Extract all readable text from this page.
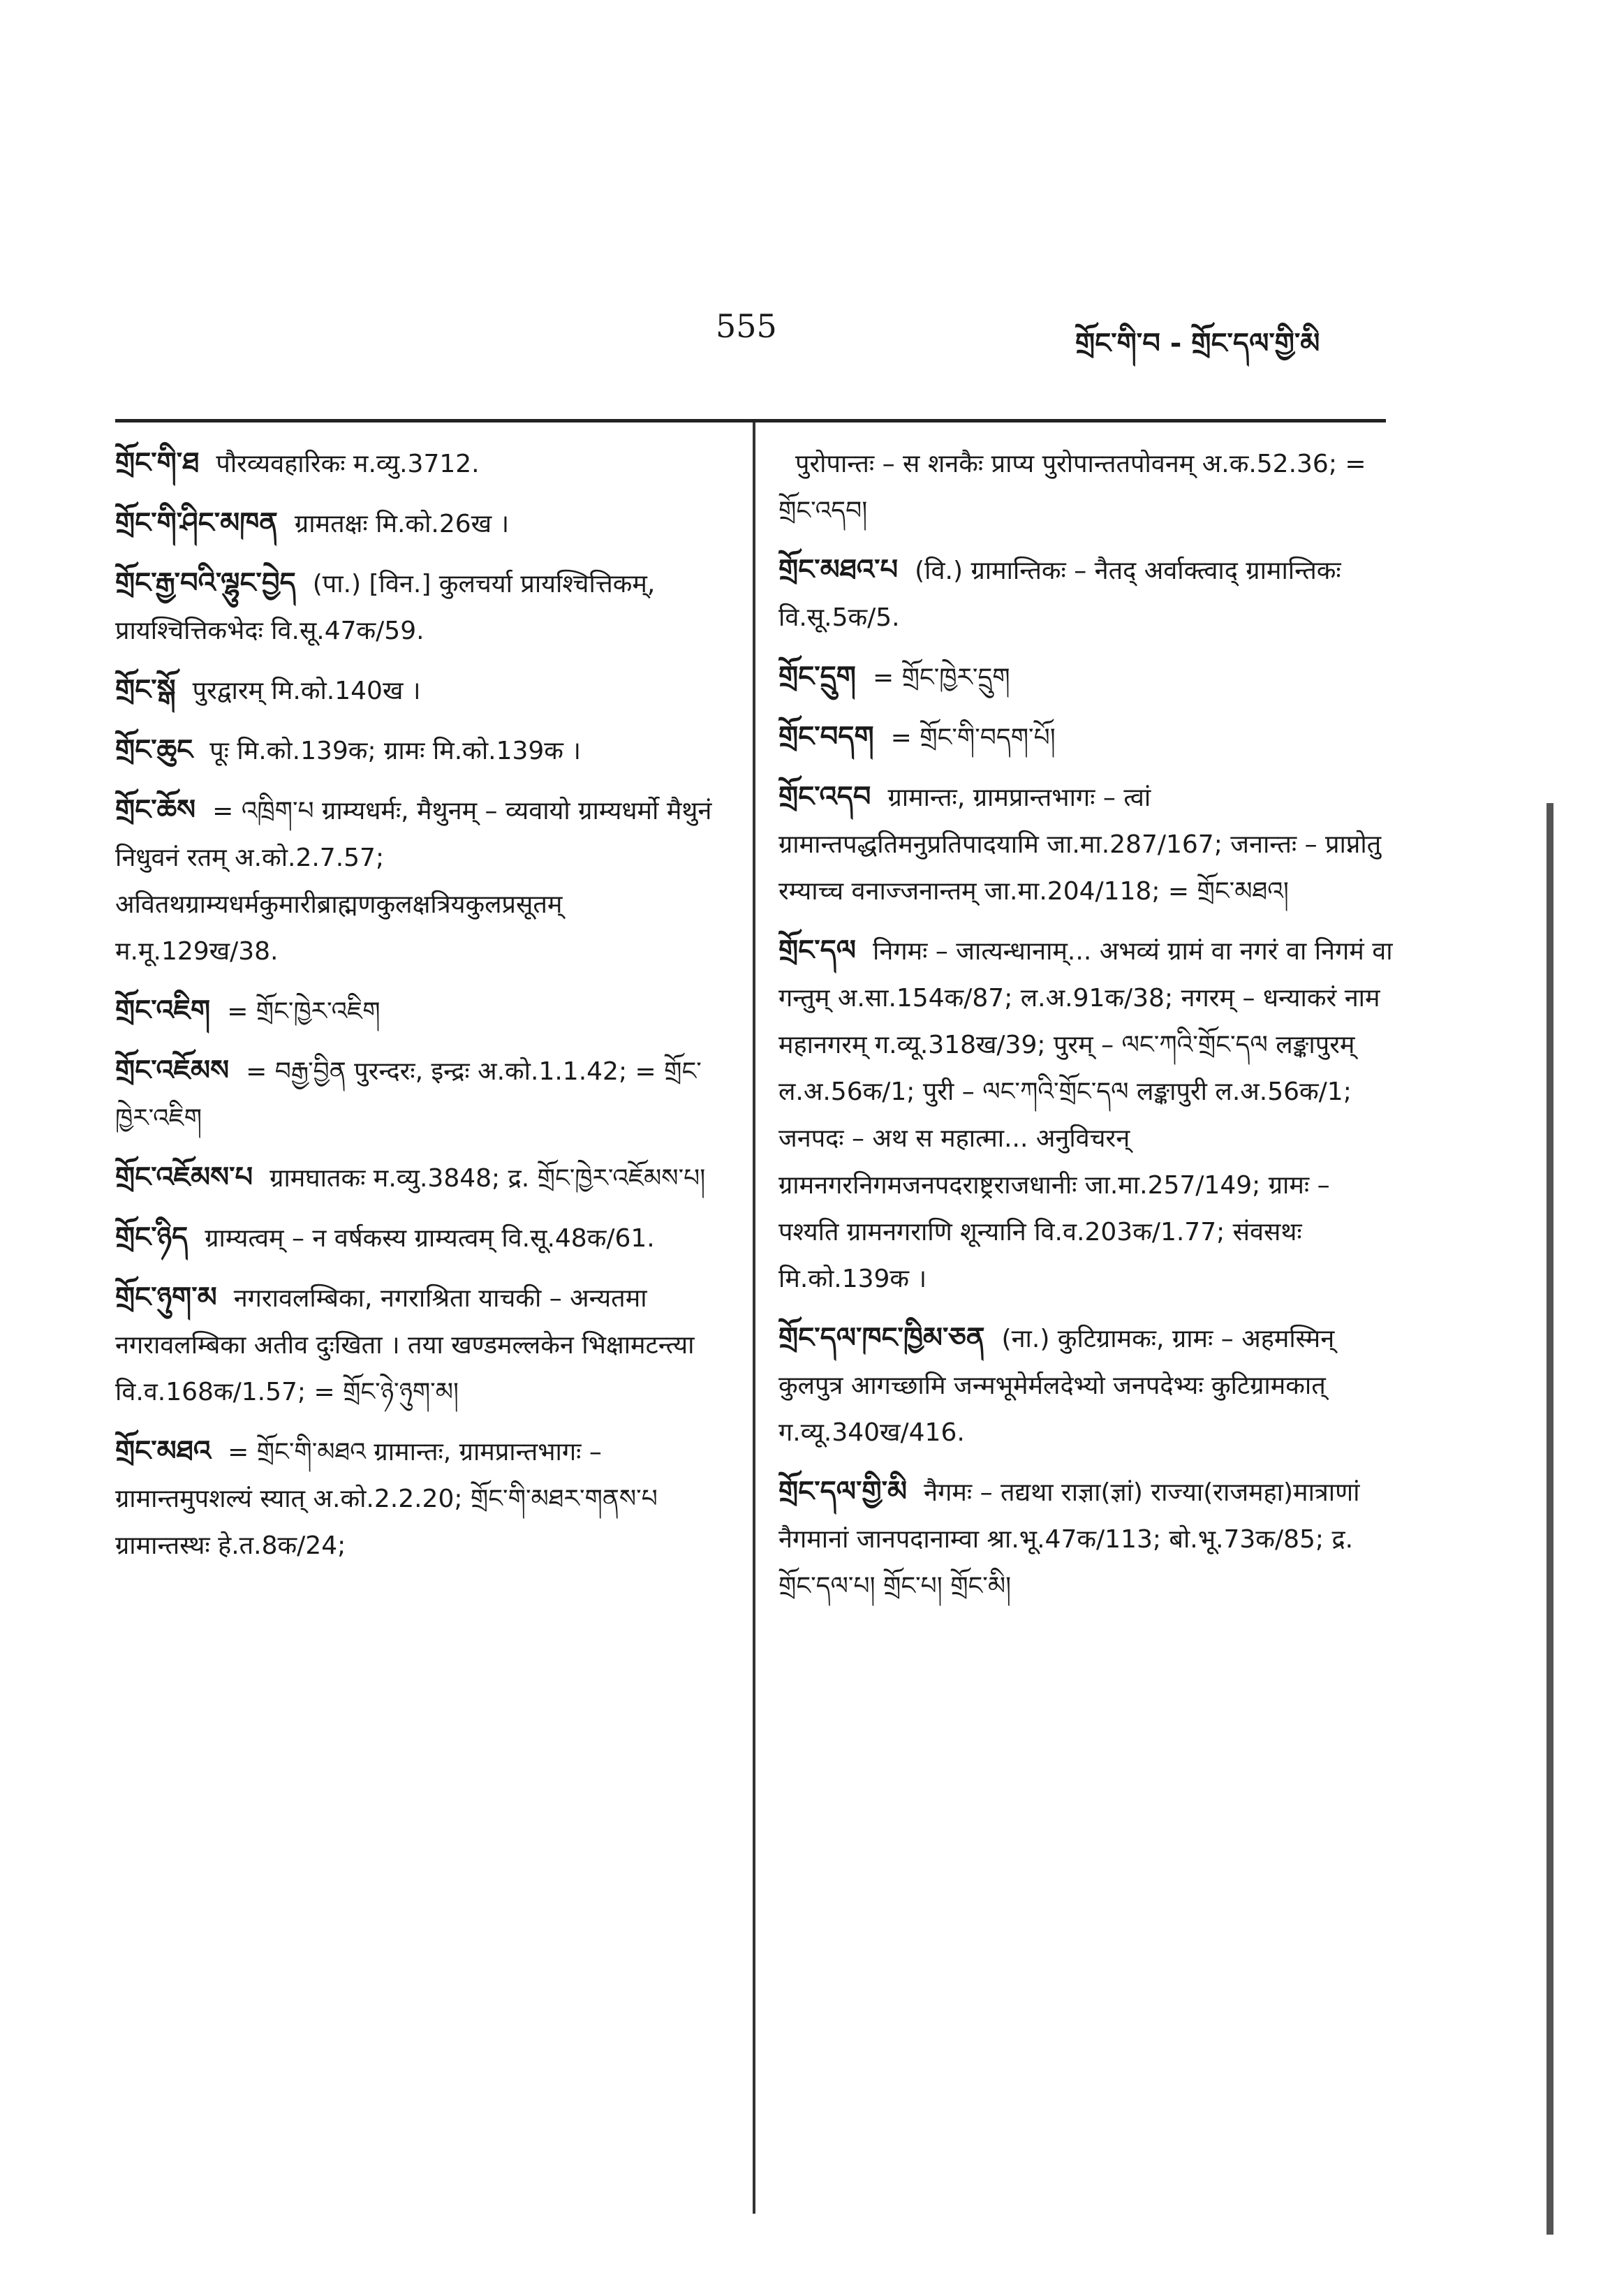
555	གྲོང་གི་བ - གྲོང་དལ་གྱི་མི
གྲོང་གི་ཐ पौरव्यवहारिकः म.व्यु.3712.
གྲོང་གི་ཤིང་མཁན ग्रामतक्षः मि.को.26ख ।
གྲོང་རྒྱ་བའི་ལྷུང་བྱེད (पा.) [विन.] कुलचर्या प्रायश्चित्तिकम्, प्रायश्चित्तिकभेदः वि.सू.47क/59.
གྲོང་སྒོ पुरद्वारम् मि.को.140ख ।
གྲོང་ཆུང पूः मि.को.139क; ग्रामः मि.को.139क ।
གྲོང་ཆོས = འཁྲིག་པ ग्राम्यधर्मः, मैथुनम् – व्यवायो ग्राम्यधर्मो मैथुनं निधुवनं रतम् अ.को.2.7.57; अवितथग्राम्यधर्मकुमारीब्राह्मणकुलक्षत्रियकुलप्रसूतम् म.मू.129ख/38.
གྲོང་འཇིག = གྲོང་ཁྱེར་འཇིག
གྲོང་འཇོམས = བརྒྱ་བྱིན पुरन्दरः, इन्द्रः अ.को.1.1.42; = གྲོང་ཁྱེར་འཇིག
གྲོང་འཇོམས་པ ग्रामघातकः म.व्यु.3848; द्र. གྲོང་ཁྱེར་འཇོམས་པ།
གྲོང་ཉིད ग्राम्यत्वम् – न वर्षकस्य ग्राम्यत्वम् वि.सू.48क/61.
གྲོང་ཉུག་མ नगरावलम्बिका, नगराश्रिता याचकी – अन्यतमा नगरावलम्बिका अतीव दुःखिता । तया खण्डमल्लकेन भिक्षामटन्त्या वि.व.168क/1.57; = གྲོང་ཉེ་ཉུག་མ།
གྲོང་མཐའ = གྲོང་གི་མཐའ ग्रामान्तः, ग्रामप्रान्तभागः – ग्रामान्तमुपशल्यं स्यात् अ.को.2.2.20; གྲོང་གི་མཐར་གནས་པ ग्रामान्तस्थः हे.त.8क/24;
पुरोपान्तः – स शनकैः प्राप्य पुरोपान्ततपोवनम् अ.क.52.36; = གྲོང་འདབ།
གྲོང་མཐའ་པ (वि.) ग्रामान्तिकः – नैतद् अर्वाक्त्वाद् ग्रामान्तिकः वि.सू.5क/5.
གྲོང་དྲུག = གྲོང་ཁྱེར་དྲུག
གྲོང་བདག = གྲོང་གི་བདག་པོ།
གྲོང་འདབ ग्रामान्तः, ग्रामप्रान्तभागः – त्वां ग्रामान्तपद्धतिमनुप्रतिपादयामि जा.मा.287/167; जनान्तः – प्राप्नोतु रम्याच्च वनाज्जनान्तम् जा.मा.204/118; = གྲོང་མཐའ།
གྲོང་དལ निगमः – जात्यन्धानाम्... अभव्यं ग्रामं वा नगरं वा निगमं वा गन्तुम् अ.सा.154क/87; ल.अ.91क/38; नगरम् – धन्याकरं नाम महानगरम् ग.व्यू.318ख/39; पुरम् – ལང་ཀའི་གྲོང་དལ लङ्कापुरम् ल.अ.56क/1; पुरी – ལང་ཀའི་གྲོང་དལ लङ्कापुरी ल.अ.56क/1; जनपदः – अथ स महात्मा... अनुविचरन् ग्रामनगरनिगमजनपदराष्ट्रराजधानीः जा.मा.257/149; ग्रामः – पश्यति ग्रामनगराणि शून्यानि वि.व.203क/1.77; संवसथः मि.को.139क ।
གྲོང་དལ་ཁང་ཁྱིམ་ཅན (ना.) कुटिग्रामकः, ग्रामः – अहमस्मिन् कुलपुत्र आगच्छामि जन्मभूमेर्मलदेभ्यो जनपदेभ्यः कुटिग्रामकात् ग.व्यू.340ख/416.
གྲོང་དལ་གྱི་མི नैगमः – तद्यथा राज्ञा(ज्ञां) राज्या(राजमहा)मात्राणां नैगमानां जानपदानाम्वा श्रा.भू.47क/113; बो.भू.73क/85; द्र. གྲོང་དལ་པ། གྲོང་པ། གྲོང་མི།
